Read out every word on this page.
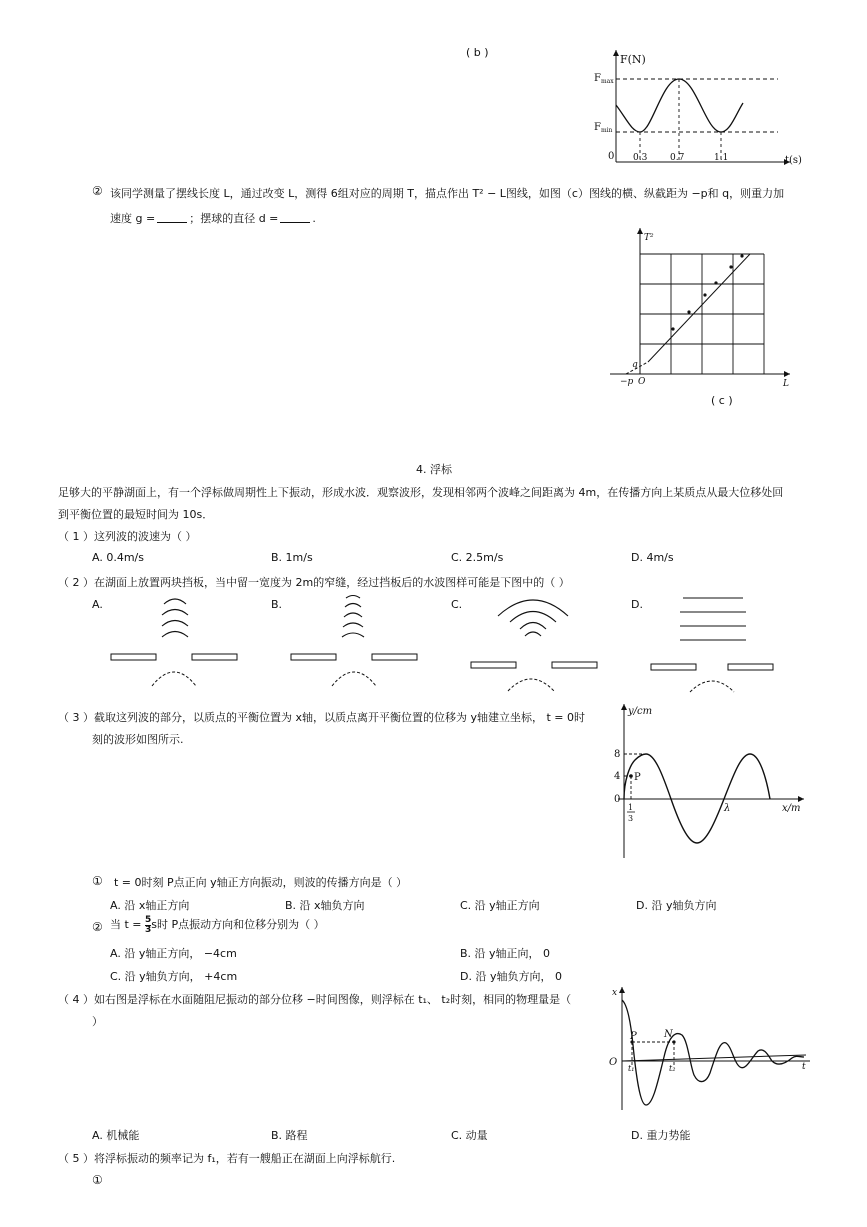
( b )
F(N)
$F_{max}$
$F_{min}$
0 0.3	0.7	1.1	t(s)
② 该同学测量了摆线长度 L，通过改变 L，测得 6组对应的周期 T，描点作出 T² − L图线，如图（c）图线的横、纵截距为 −p和 q，则重力加
速度 g =	；摆球的直径 d =	.
T²
q
−p O	L
( c )
4. 浮标
足够大的平静湖面上，有一个浮标做周期性上下振动，形成水波．观察波形，发现相邻两个波峰之间距离为 4m，在传播方向上某质点从最大位移处回
到平衡位置的最短时间为 10s．
（ 1 ）这列波的波速为（ ）
A. 0.4m/s	B. 1m/s	C. 2.5m/s	D. 4m/s
（ 2 ）在湖面上放置两块挡板，当中留一宽度为 2m的窄缝，经过挡板后的水波图样可能是下图中的（ ）
A.	B.	C.	D.
（ 3 ）截取这列波的部分，以质点的平衡位置为 x轴，以质点离开平衡位置的位移为 y轴建立坐标， t = 0时
刻的波形如图所示.
y/cm
8
4
0
P
1
3
λ	x/m
① t = 0时刻 P点正向 y轴正方向振动，则波的传播方向是（ ）
A. 沿 x轴正方向	B. 沿 x轴负方向	C. 沿 y轴正方向	D. 沿 y轴负方向
② 当 $t = \frac{5}{3}$ s时 P点振动方向和位移分别为（ ）
A. 沿 y轴正方向， −4cm	B. 沿 y轴正向， 0
C. 沿 y轴负方向， +4cm	D. 沿 y轴负方向， 0
（ 4 ）如右图是浮标在水面随阻尼振动的部分位移 −时间图像，则浮标在 t₁、 t₂时刻，相同的物理量是（
）
x
P	N
O
t₁	t₂	t
A. 机械能	B. 路程	C. 动量	D. 重力势能
（ 5 ）将浮标振动的频率记为 f₁，若有一艘船正在湖面上向浮标航行.
①
